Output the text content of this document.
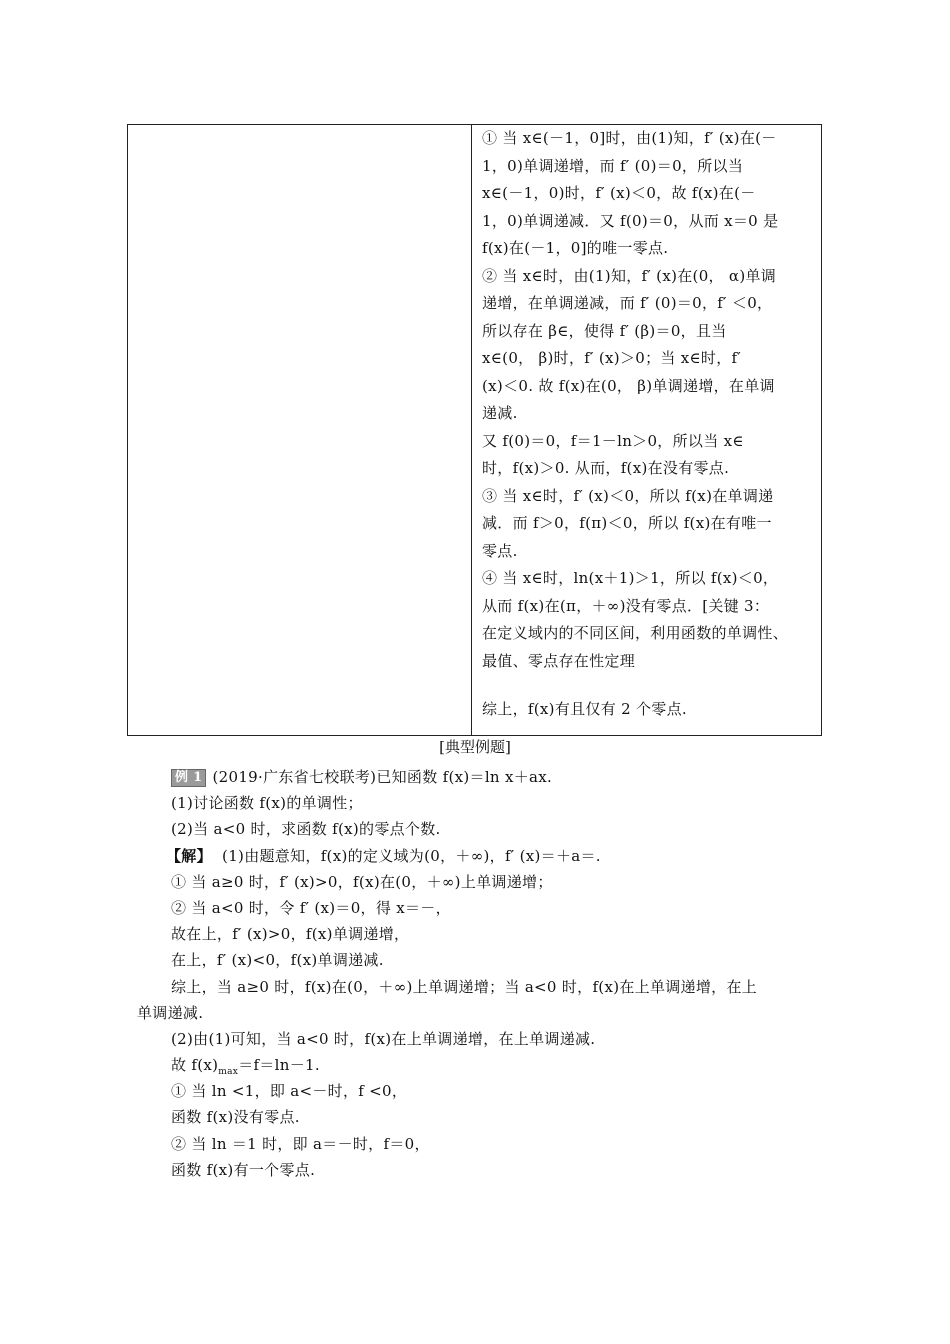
① 当 x∈(－1，0]时，由(1)知，f′ (x)在(－
1，0)单调递增，而 f′ (0)＝0，所以当
x∈(－1，0)时，f′ (x)＜0，故 f(x)在(－
1，0)单调递减．又 f(0)＝0，从而 x＝0 是
f(x)在(－1，0]的唯一零点.
② 当 x∈时，由(1)知，f′ (x)在(0， α)单调
递增，在单调递减，而 f′ (0)＝0，f′ ＜0，
所以存在 β∈，使得 f′ (β)＝0，且当
x∈(0， β)时，f′ (x)＞0；当 x∈时，f′
(x)＜0. 故 f(x)在(0， β)单调递增，在单调
递减.
又 f(0)＝0，f＝1－ln＞0，所以当 x∈
时，f(x)＞0. 从而，f(x)在没有零点.
③ 当 x∈时，f′ (x)＜0，所以 f(x)在单调递
减．而 f＞0，f(π)＜0，所以 f(x)在有唯一
零点.
④ 当 x∈时，ln(x＋1)＞1，所以 f(x)＜0，
从而 f(x)在(π，＋∞)没有零点．[关键 3：
在定义域内的不同区间，利用函数的单调性、
最值、零点存在性定理
综上，f(x)有且仅有 2 个零点.
[典型例题]
例 1 (2019·广东省七校联考)已知函数 f(x)＝ln x＋ax.
(1)讨论函数 f(x)的单调性；
(2)当 a<0 时，求函数 f(x)的零点个数.
【解】 (1)由题意知，f(x)的定义域为(0，＋∞)，f′ (x)＝＋a＝.
① 当 a≥0 时，f′ (x)>0，f(x)在(0，＋∞)上单调递增；
② 当 a<0 时，令 f′ (x)＝0，得 x＝－，
故在上，f′ (x)>0，f(x)单调递增，
在上，f′ (x)<0，f(x)单调递减.
综上，当 a≥0 时，f(x)在(0，＋∞)上单调递增；当 a<0 时，f(x)在上单调递增，在上
单调递减.
(2)由(1)可知，当 a<0 时，f(x)在上单调递增，在上单调递减.
故 $f(x)_{max}=f=\ln-1$.
① 当 ln <1，即 a<－时，f <0，
函数 f(x)没有零点.
② 当 ln ＝1 时，即 a＝－时，f＝0，
函数 f(x)有一个零点.
